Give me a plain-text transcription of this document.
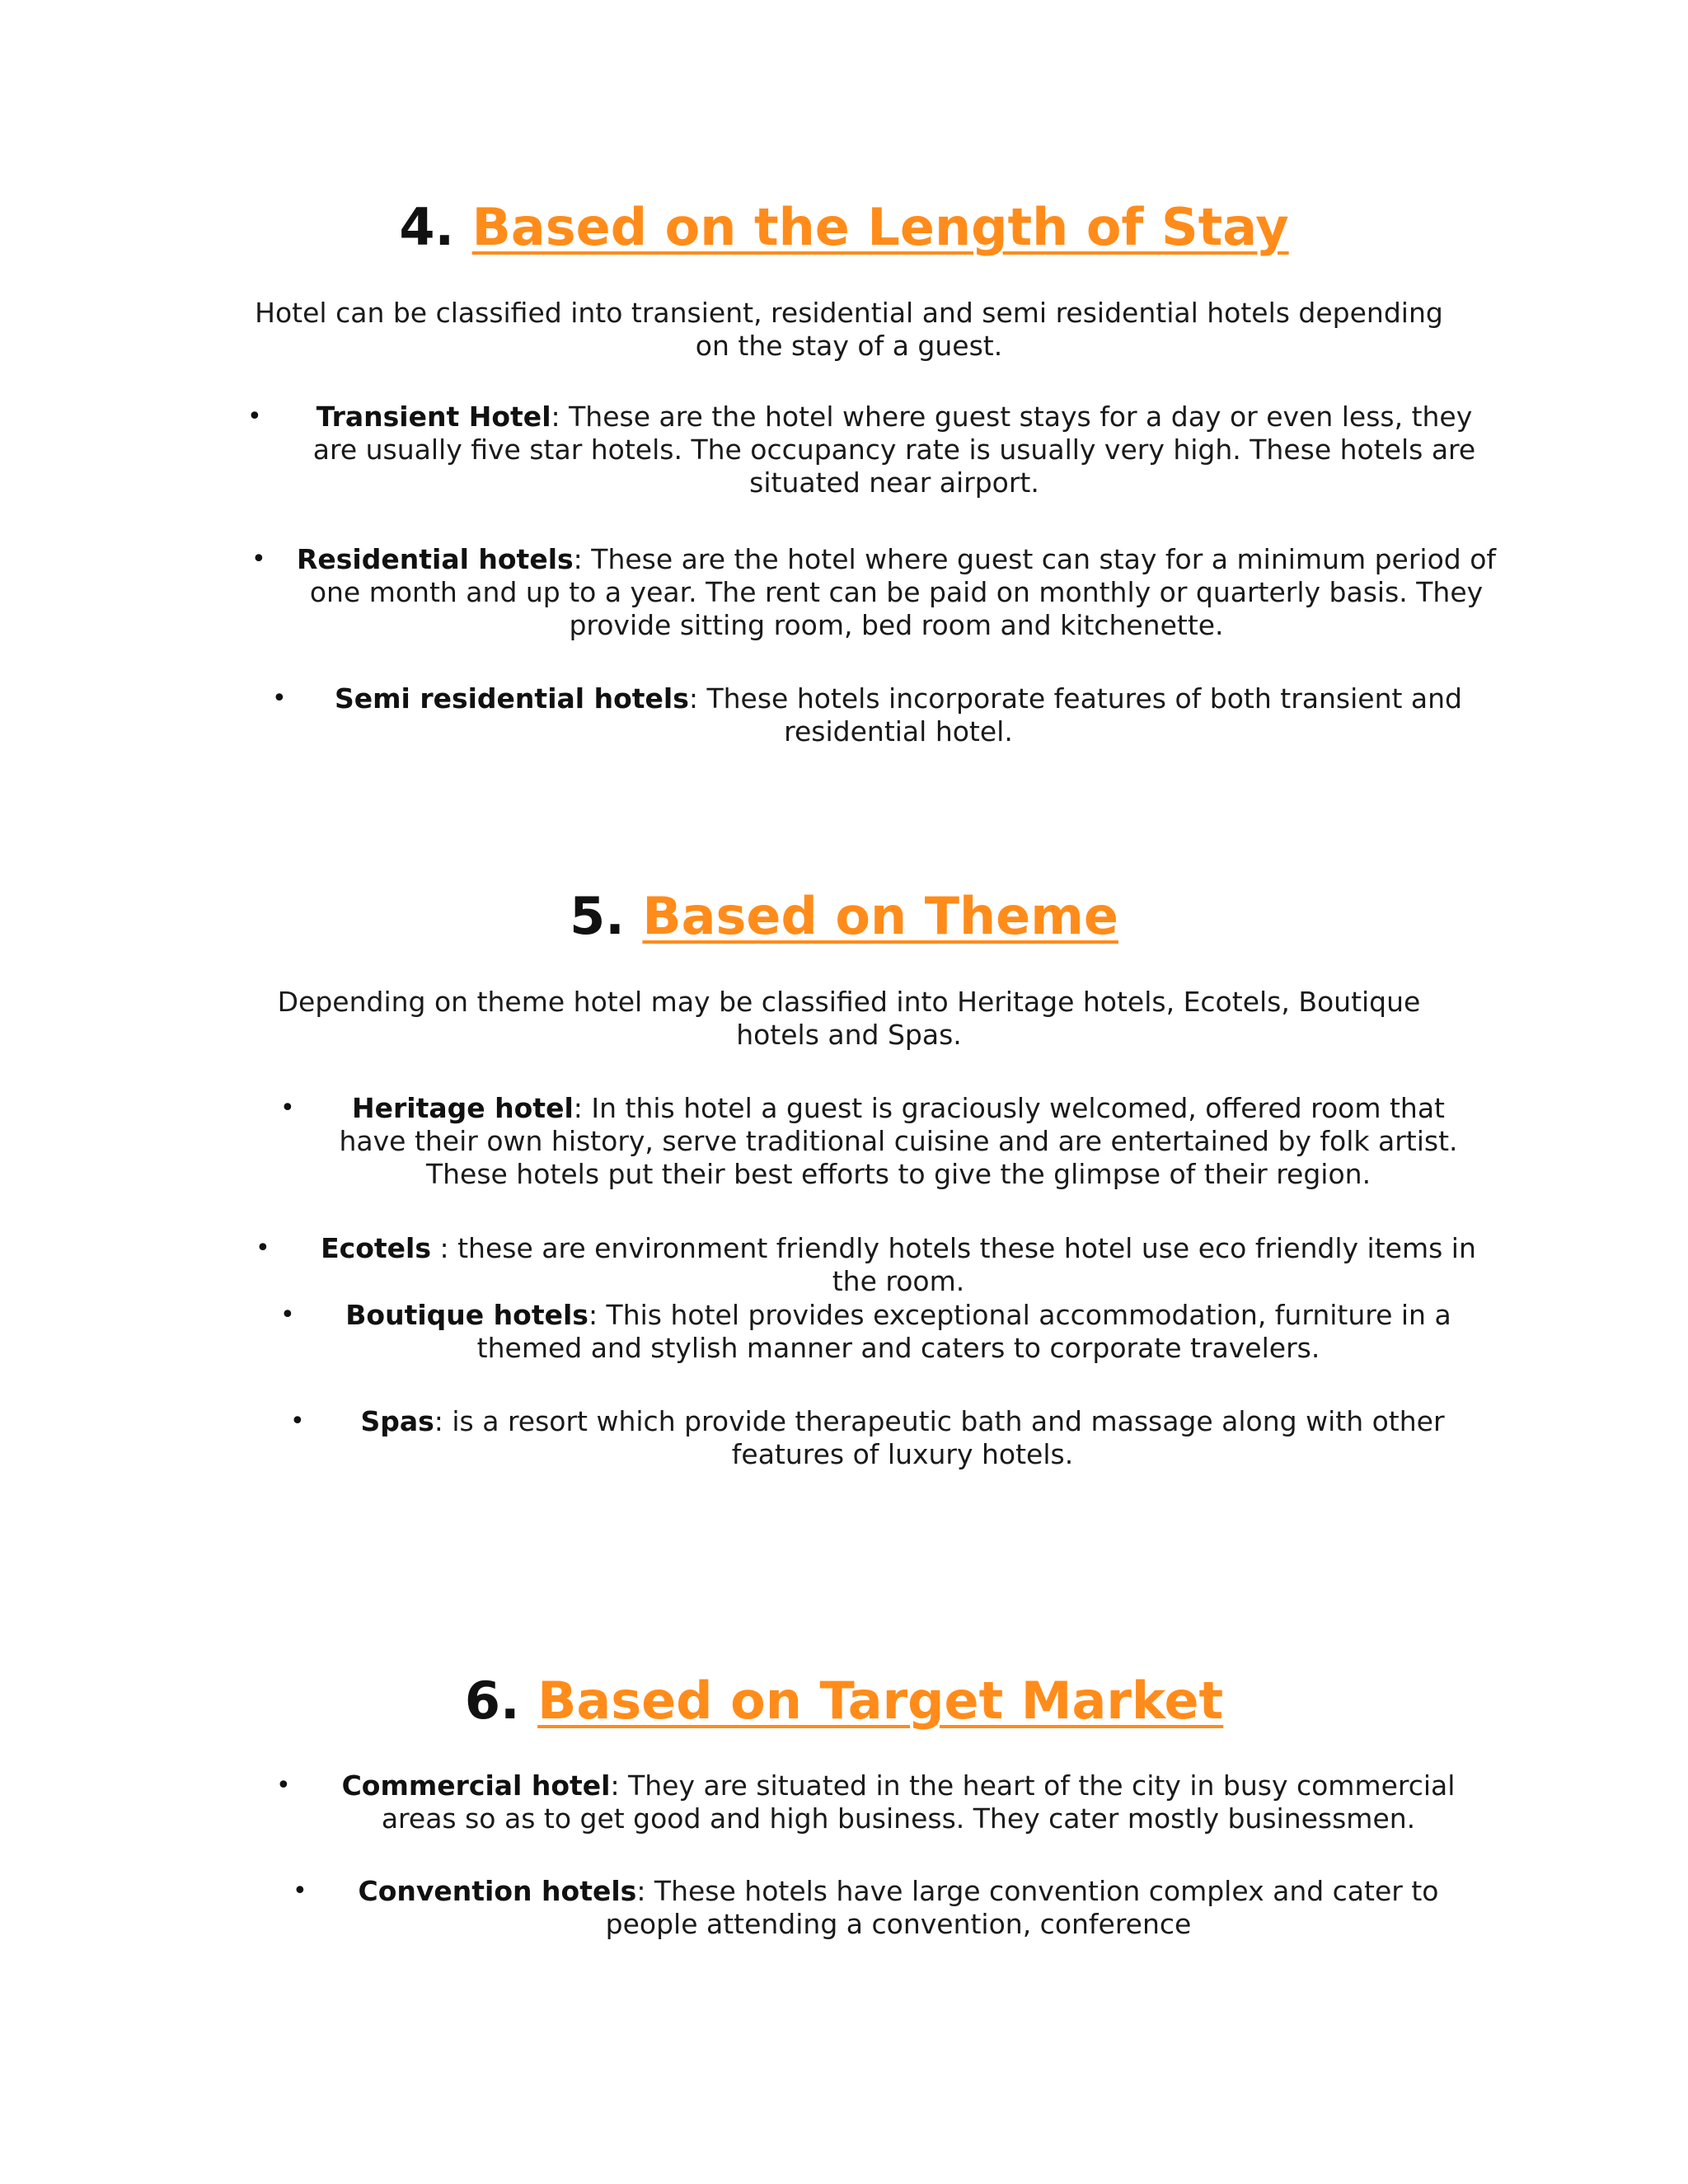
4. Based on the Length of Stay

Hotel can be classified into transient, residential and semi residential hotels depending on the stay of a guest.

•	Transient Hotel: These are the hotel where guest stays for a day or even less, they are usually five star hotels. The occupancy rate is usually very high. These hotels are situated near airport.
• Residential hotels: These are the hotel where guest can stay for a minimum period of one month and up to a year. The rent can be paid on monthly or quarterly basis. They provide sitting room, bed room and kitchenette.
•	Semi residential hotels: These hotels incorporate features of both transient and residential hotel.
5. Based on Theme

Depending on theme hotel may be classified into Heritage hotels, Ecotels, Boutique hotels and Spas.

•	Heritage hotel: In this hotel a guest is graciously welcomed, offered room that have their own history, serve traditional cuisine and are entertained by folk artist. These hotels put their best efforts to give the glimpse of their region.
•	Ecotels : these are environment friendly hotels these hotel use eco friendly items in the room.
•	Boutique hotels: This hotel provides exceptional accommodation, furniture in a themed and stylish manner and caters to corporate travelers.
•	Spas: is a resort which provide therapeutic bath and massage along with other features of luxury hotels.
6. Based on Target Market
•	Commercial hotel: They are situated in the heart of the city in busy commercial areas so as to get good and high business. They cater mostly businessmen.
•	Convention hotels: These hotels have large convention complex and cater to people attending a convention, conference
